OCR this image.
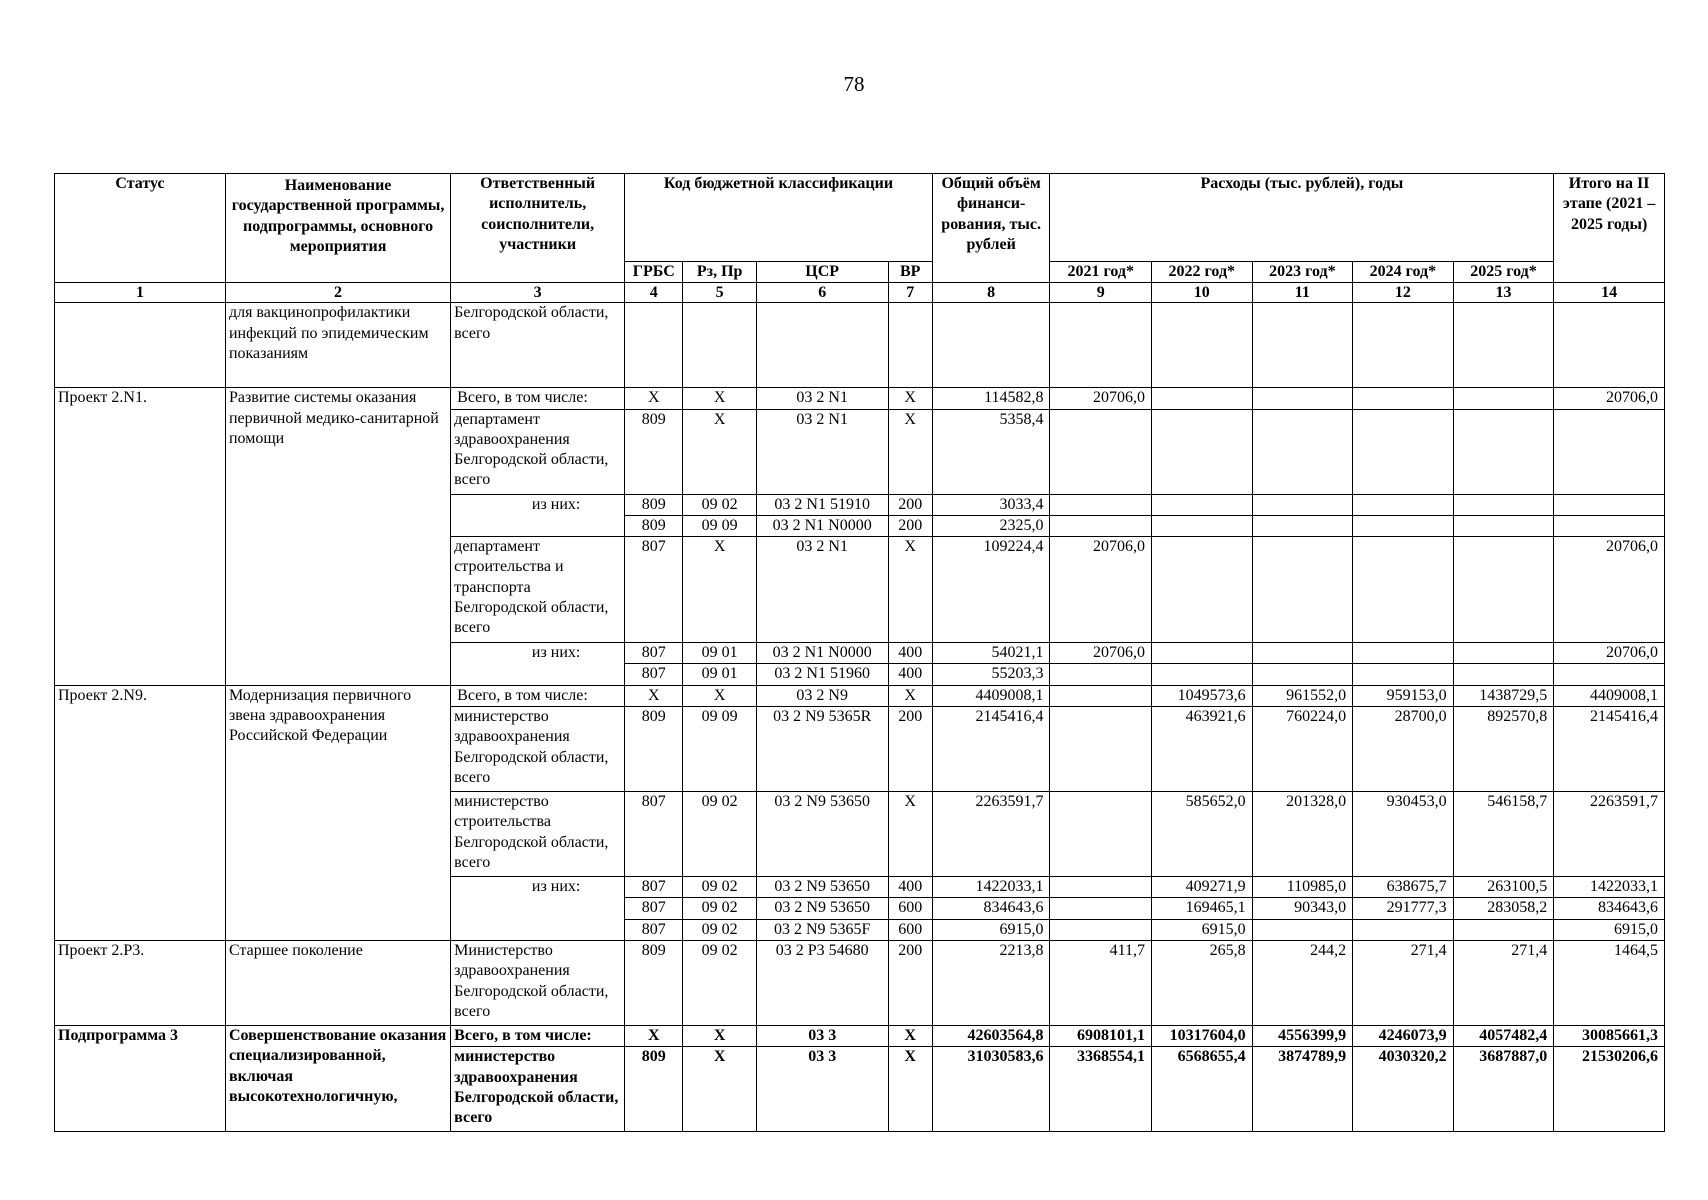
78
Статус	Наименование государственной программы, подпрограммы, основного мероприятия	Ответственный исполнитель, соисполнители, участники	Код бюджетной классификации				Общий объём финанси-рования, тыс. рублей	Расходы (тыс. рублей), годы					Итого на II этапе (2021 – 2025 годы)
			ГРБС	Рз, Пр	ЦСР	ВР		2021 год*	2022 год*	2023 год*	2024 год*	2025 год*	
1	2	3	4	5	6	7	8	9	10	11	12	13	14
	для вакцинопрофилактики инфекций по эпидемическим показаниям	Белгородской области, всего											
Проект 2.N1.	Развитие системы оказания первичной медико-санитарной помощи	Всего, в том числе:	X	X	03 2 N1	X	114582,8	20706,0					20706,0
		департамент здравоохранения Белгородской области, всего	809	X	03 2 N1	X	5358,4						
		из них:	809	09 02	03 2 N1 51910	200	3033,4						
			809	09 09	03 2 N1 N0000	200	2325,0						
		департамент строительства и транспорта Белгородской области, всего	807	X	03 2 N1	X	109224,4	20706,0					20706,0
		из них:	807	09 01	03 2 N1 N0000	400	54021,1	20706,0					20706,0
			807	09 01	03 2 N1 51960	400	55203,3						
Проект 2.N9.	Модернизация первичного звена здравоохранения Российской Федерации	Всего, в том числе:	X	X	03 2 N9	X	4409008,1		1049573,6	961552,0	959153,0	1438729,5	4409008,1
		министерство здравоохранения Белгородской области, всего	809	09 09	03 2 N9 5365R	200	2145416,4		463921,6	760224,0	28700,0	892570,8	2145416,4
		министерство строительства Белгородской области, всего	807	09 02	03 2 N9 53650	X	2263591,7		585652,0	201328,0	930453,0	546158,7	2263591,7
		из них:	807	09 02	03 2 N9 53650	400	1422033,1		409271,9	110985,0	638675,7	263100,5	1422033,1
			807	09 02	03 2 N9 53650	600	834643,6		169465,1	90343,0	291777,3	283058,2	834643,6
			807	09 02	03 2 N9 5365F	600	6915,0		6915,0				6915,0
Проект 2.P3.	Старшее поколение	Министерство здравоохранения Белгородской области, всего	809	09 02	03 2 P3 54680	200	2213,8	411,7	265,8	244,2	271,4	271,4	1464,5
Подпрограмма 3	Совершенствование оказания специализированной, включая высокотехнологичную,	Всего, в том числе:	X	X	03 3	X	42603564,8	6908101,1	10317604,0	4556399,9	4246073,9	4057482,4	30085661,3
		министерство здравоохранения Белгородской области, всего	809	X	03 3	X	31030583,6	3368554,1	6568655,4	3874789,9	4030320,2	3687887,0	21530206,6
